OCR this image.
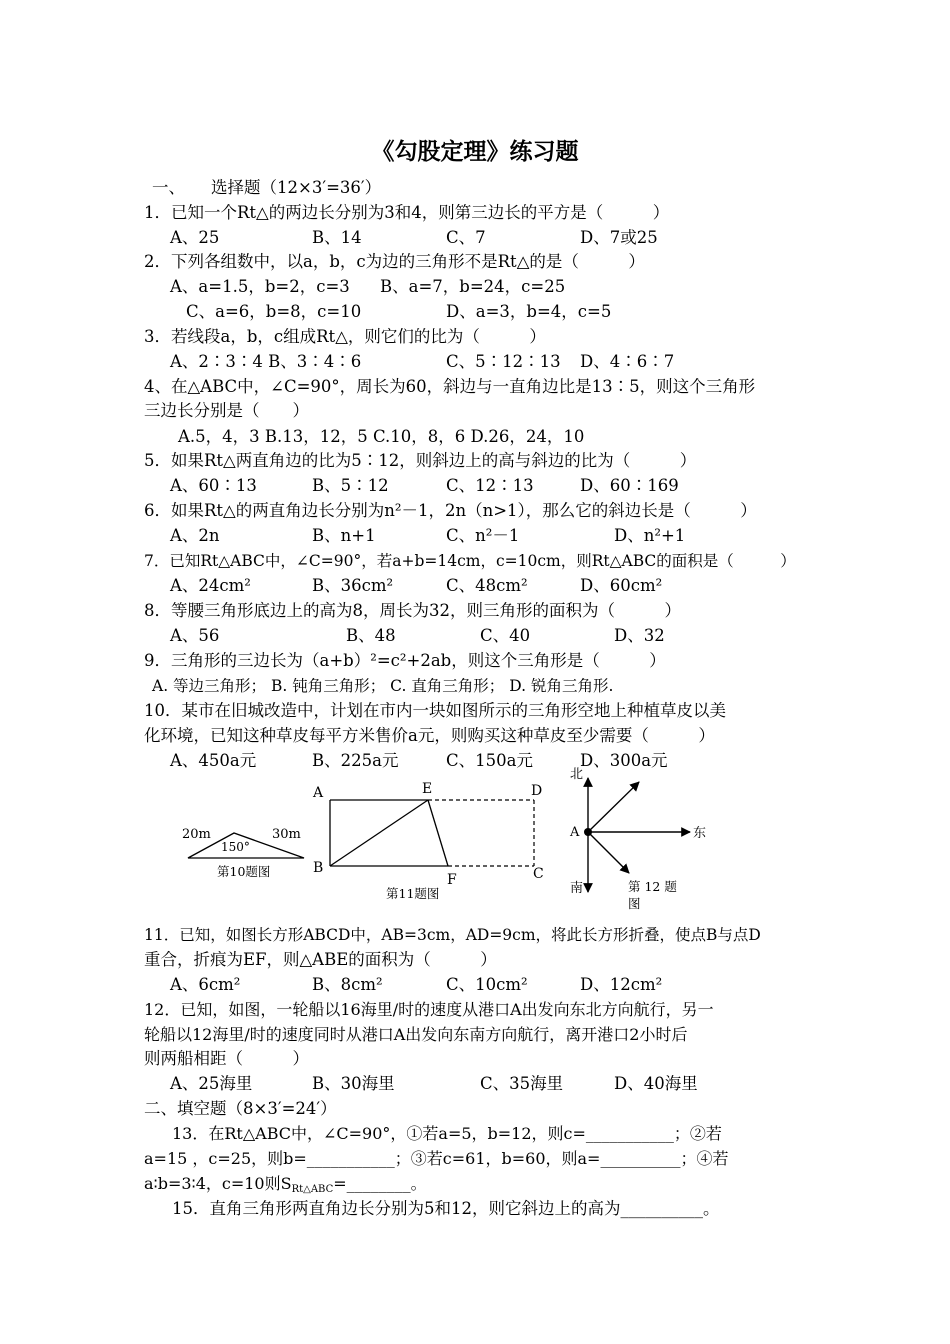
《勾股定理》练习题
一、 选择题（12×3′=36′）
1．已知一个Rt△的两边长分别为3和4，则第三边长的平方是（　　　）
A、25	B、14	C、7	D、7或25
2．下列各组数中，以a，b，c为边的三角形不是Rt△的是（　　　）
A、a=1.5，b=2，c=3 B、a=7，b=24，c=25
C、a=6，b=8，c=10	D、a=3，b=4，c=5
3．若线段a，b，c组成Rt△，则它们的比为（　　　）
A、2∶3∶4 B、3∶4∶6	C、5∶12∶13 D、4∶6∶7
4、在△ABC中，∠C=90°，周长为60，斜边与一直角边比是13∶5，则这个三角形
三边长分别是（　　）
A.5，4，3 B.13，12，5 C.10，8，6 D.26，24，10
5．如果Rt△两直角边的比为5∶12，则斜边上的高与斜边的比为（　　　）
A、60∶13	B、5∶12	C、12∶13	D、60∶169
6．如果Rt△的两直角边长分别为n²－1，2n（n>1），那么它的斜边长是（　　　）
A、2n	B、n+1	C、n²－1	D、n²+1
7．已知Rt△ABC中，∠C=90°，若a+b=14cm，c=10cm，则Rt△ABC的面积是（　　　）
A、24cm²	B、36cm²	C、48cm²	D、60cm²
8．等腰三角形底边上的高为8，周长为32，则三角形的面积为（　　　）
A、56	B、48	C、40	D、32
9．三角形的三边长为（a+b）²=c²+2ab，则这个三角形是（　　　）
A. 等边三角形； B. 钝角三角形； C. 直角三角形； D. 锐角三角形.
10．某市在旧城改造中，计划在市内一块如图所示的三角形空地上种植草皮以美
化环境，已知这种草皮每平方米售价a元，则购买这种草皮至少需要（　　　）
A、450a元	B、225a元	C、150a元	D、300a元
20m	30m
150°
第10题图
A
B
E	D
F	C
第11题图
北
南
东
A
第 12 题
图
11．已知，如图长方形ABCD中，AB=3cm，AD=9cm，将此长方形折叠，使点B与点D
重合，折痕为EF，则△ABE的面积为（　　　）
A、6cm²	B、8cm²	C、10cm²	D、12cm²
12．已知，如图，一轮船以16海里/时的速度从港口A出发向东北方向航行，另一
轮船以12海里/时的速度同时从港口A出发向东南方向航行，离开港口2小时后
则两船相距（　　　）
A、25海里	B、30海里	C、35海里	D、40海里
二、填空题（8×3′=24′）
13．在Rt△ABC中，∠C=90°，①若a=5，b=12，则c=___________；②若
a=15 ，c=25，则b=___________；③若c=61，b=60，则a=__________；④若
a∶b=3∶4，c=10则SRt△ABC=________。
15．直角三角形两直角边长分别为5和12，则它斜边上的高为__________。
